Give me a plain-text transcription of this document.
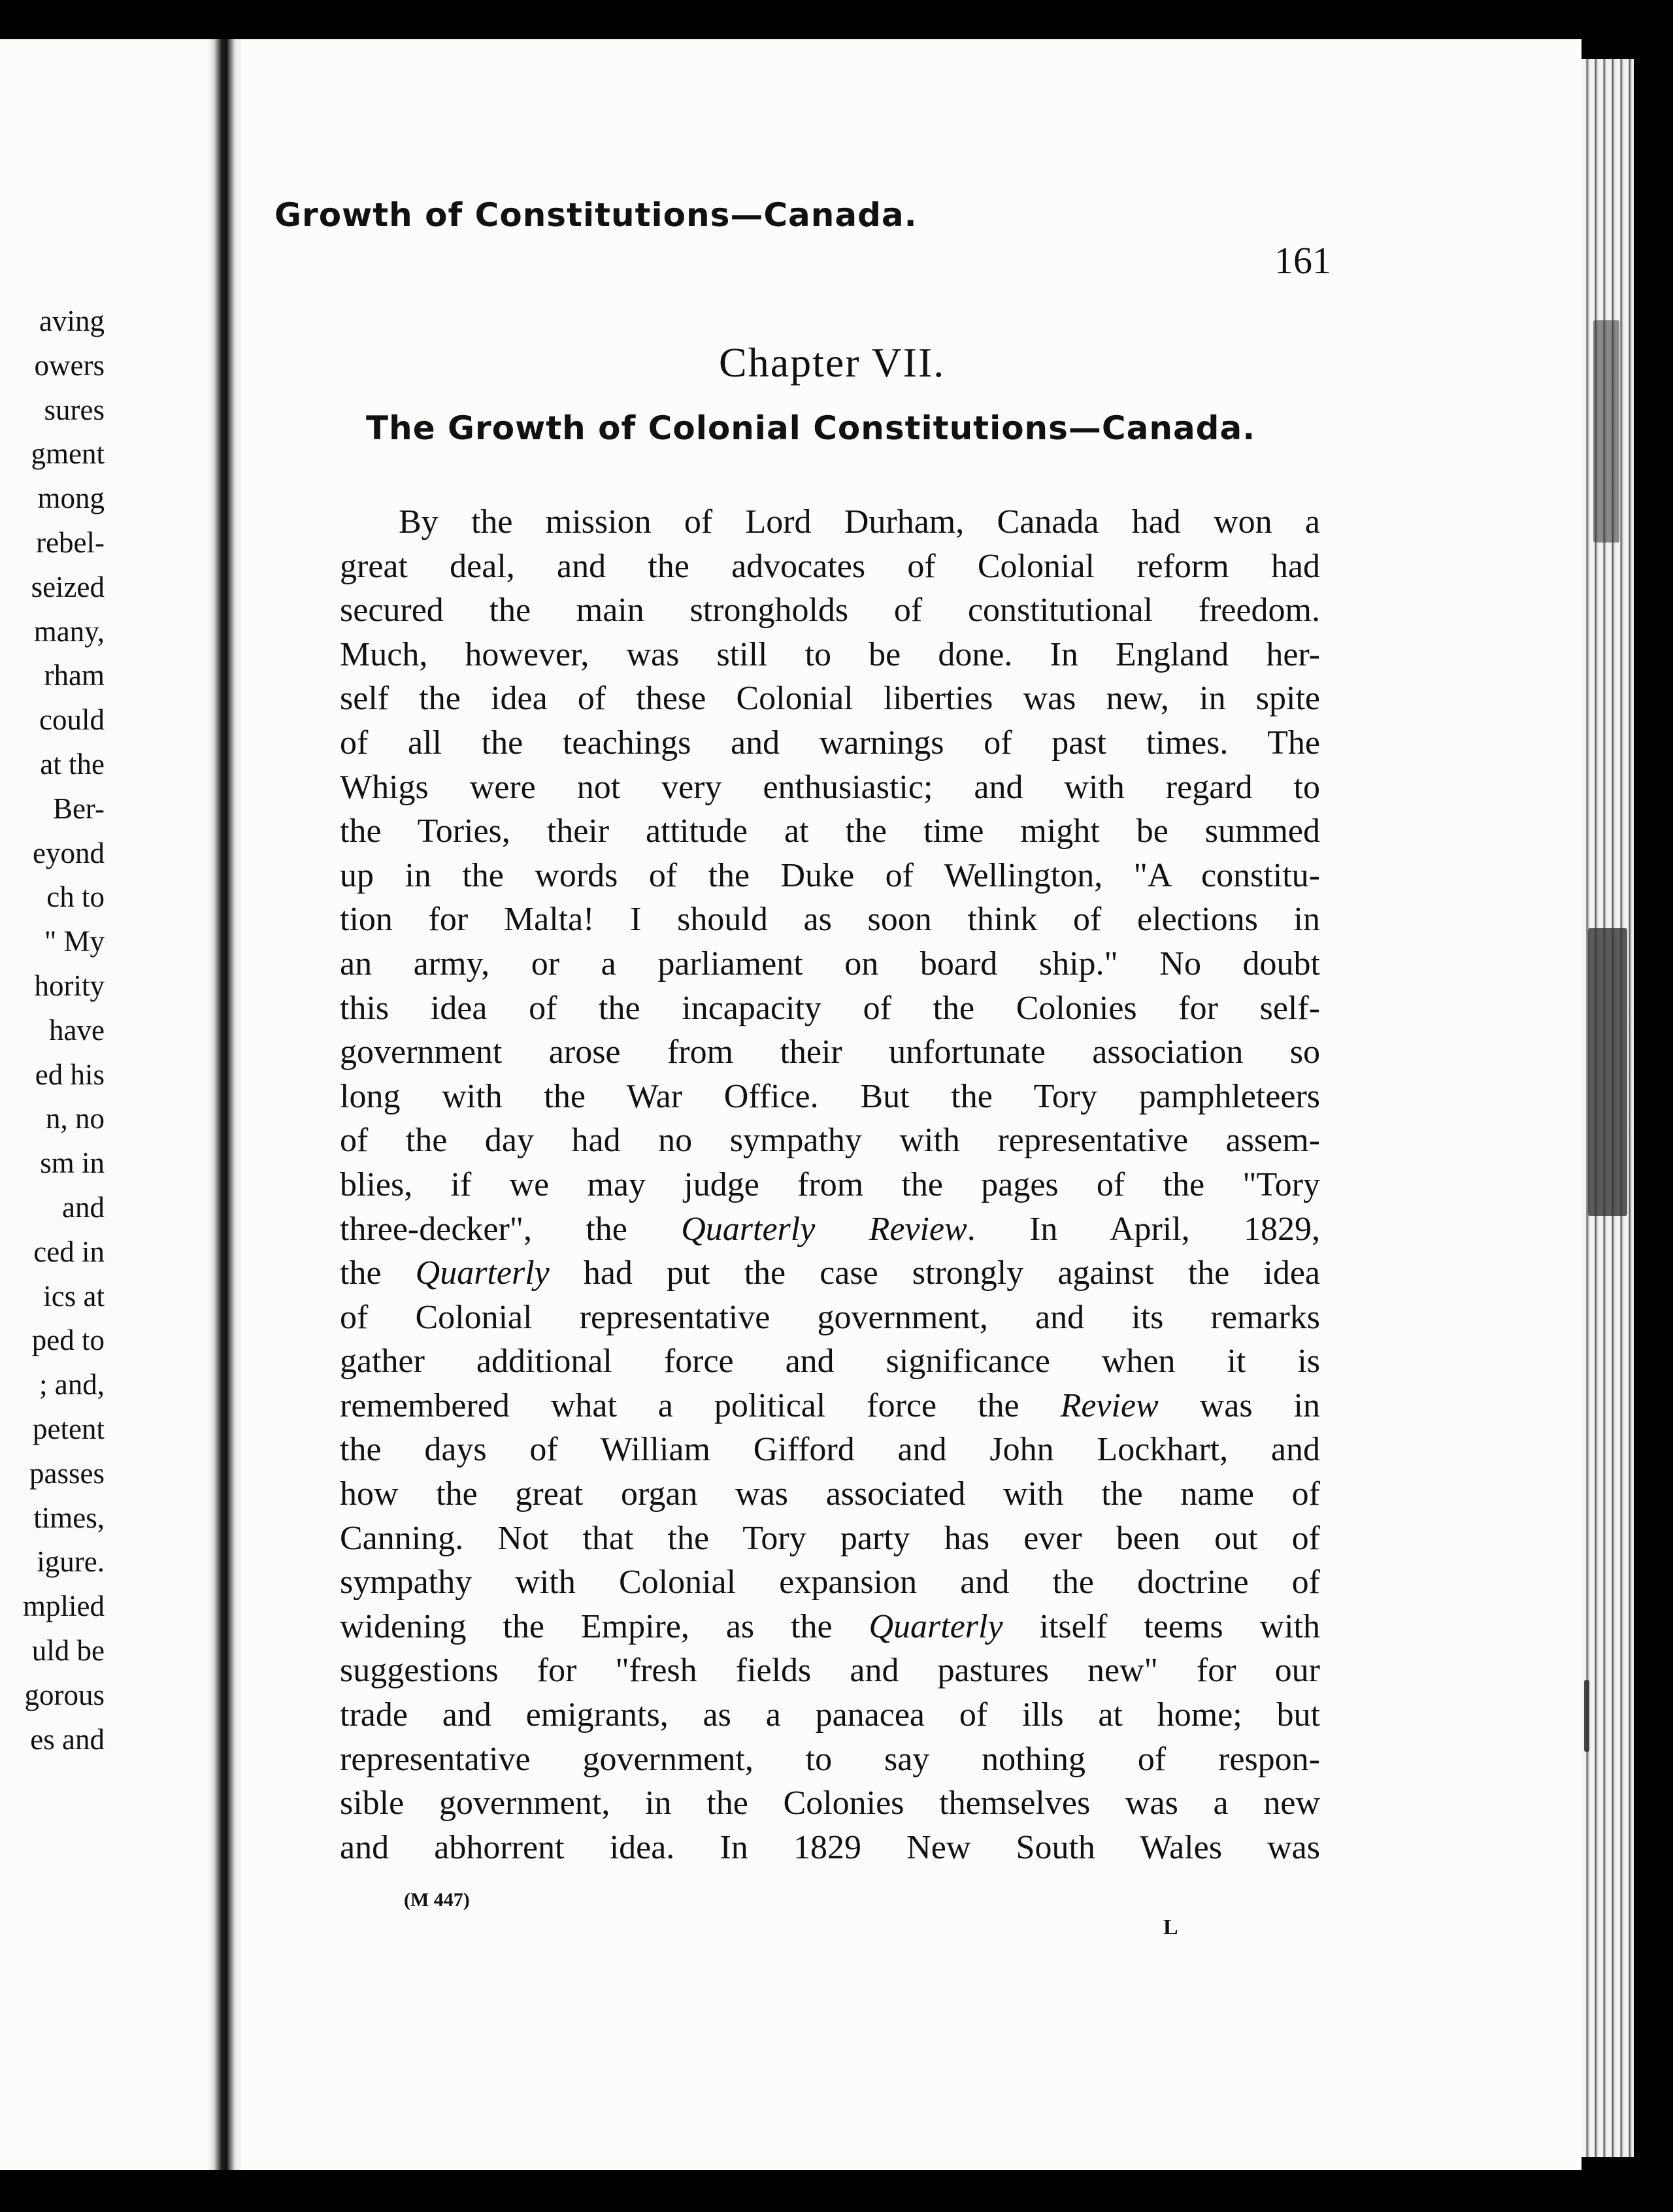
aving
owers
sures
gment
mong
rebel-
seized
many,
rham
could
at the
Ber-
eyond
ch to
" My
hority
have
ed his
n, no
sm in
and
ced in
ics at
ped to
; and,
petent
passes
times,
igure.
mplied
uld be
gorous
es and
Growth of Constitutions—Canada.
161
Chapter VII.
The Growth of Colonial Constitutions—Canada.
By the mission of Lord Durham, Canada had won a
great deal, and the advocates of Colonial reform had
secured the main strongholds of constitutional freedom.
Much, however, was still to be done. In England her-
self the idea of these Colonial liberties was new, in spite
of all the teachings and warnings of past times. The
Whigs were not very enthusiastic; and with regard to
the Tories, their attitude at the time might be summed
up in the words of the Duke of Wellington, "A constitu-
tion for Malta! I should as soon think of elections in
an army, or a parliament on board ship." No doubt
this idea of the incapacity of the Colonies for self-
government arose from their unfortunate association so
long with the War Office. But the Tory pamphleteers
of the day had no sympathy with representative assem-
blies, if we may judge from the pages of the "Tory
three-decker", the Quarterly Review. In April, 1829,
the Quarterly had put the case strongly against the idea
of Colonial representative government, and its remarks
gather additional force and significance when it is
remembered what a political force the Review was in
the days of William Gifford and John Lockhart, and
how the great organ was associated with the name of
Canning. Not that the Tory party has ever been out of
sympathy with Colonial expansion and the doctrine of
widening the Empire, as the Quarterly itself teems with
suggestions for "fresh fields and pastures new" for our
trade and emigrants, as a panacea of ills at home; but
representative government, to say nothing of respon-
sible government, in the Colonies themselves was a new
and abhorrent idea. In 1829 New South Wales was
(M 447)
L
